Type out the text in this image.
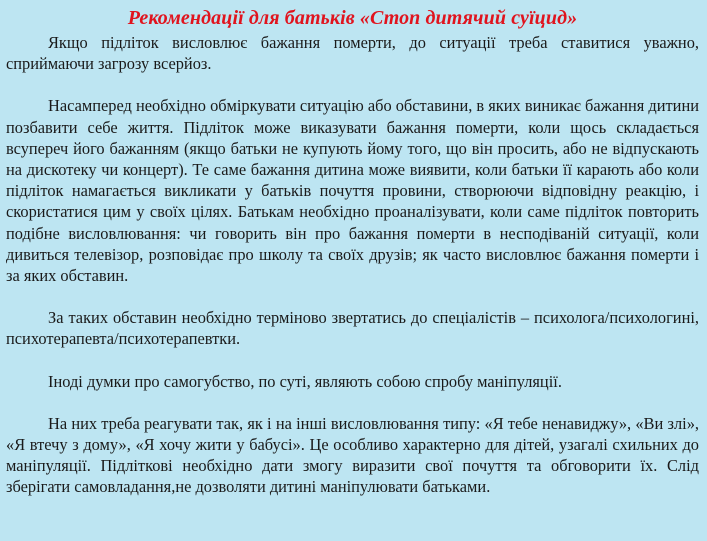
Рекомендації для батьків «Стоп дитячий суїцид»

Якщо підліток висловлює бажання померти, до ситуації треба ставитися уважно, сприймаючи загрозу всерйоз.

Насамперед необхідно обміркувати ситуацію або обставини, в яких виникає бажання дитини позбавити себе життя. Підліток може виказувати бажання померти, коли щось складається всупереч його бажанням (якщо батьки не купують йому того, що він просить, або не відпускають на дискотеку чи концерт). Те саме бажання дитина може виявити, коли батьки її карають або коли підліток намагається викликати у батьків почуття провини, створюючи відповідну реакцію, і скористатися цим у своїх цілях. Батькам необхідно проаналізувати, коли саме підліток повторить подібне висловлювання: чи говорить він про бажання померти в несподіваній ситуації, коли дивиться телевізор, розповідає про школу та своїх друзів; як часто висловлює бажання померти і за яких обставин.

За таких обставин необхідно терміново звертатись до спеціалістів – психолога/психологині, психотерапевта/психотерапевтки.

Іноді думки про самогубство, по суті, являють собою спробу маніпуляції.

На них треба реагувати так, як і на інші висловлювання типу: «Я тебе ненавиджу», «Ви злі», «Я втечу з дому», «Я хочу жити у бабусі». Це особливо характерно для дітей, узагалі схильних до маніпуляції. Підліткові необхідно дати змогу виразити свої почуття та обговорити їх. Слід зберігати самовладання,не дозволяти дитині маніпулювати батьками.
